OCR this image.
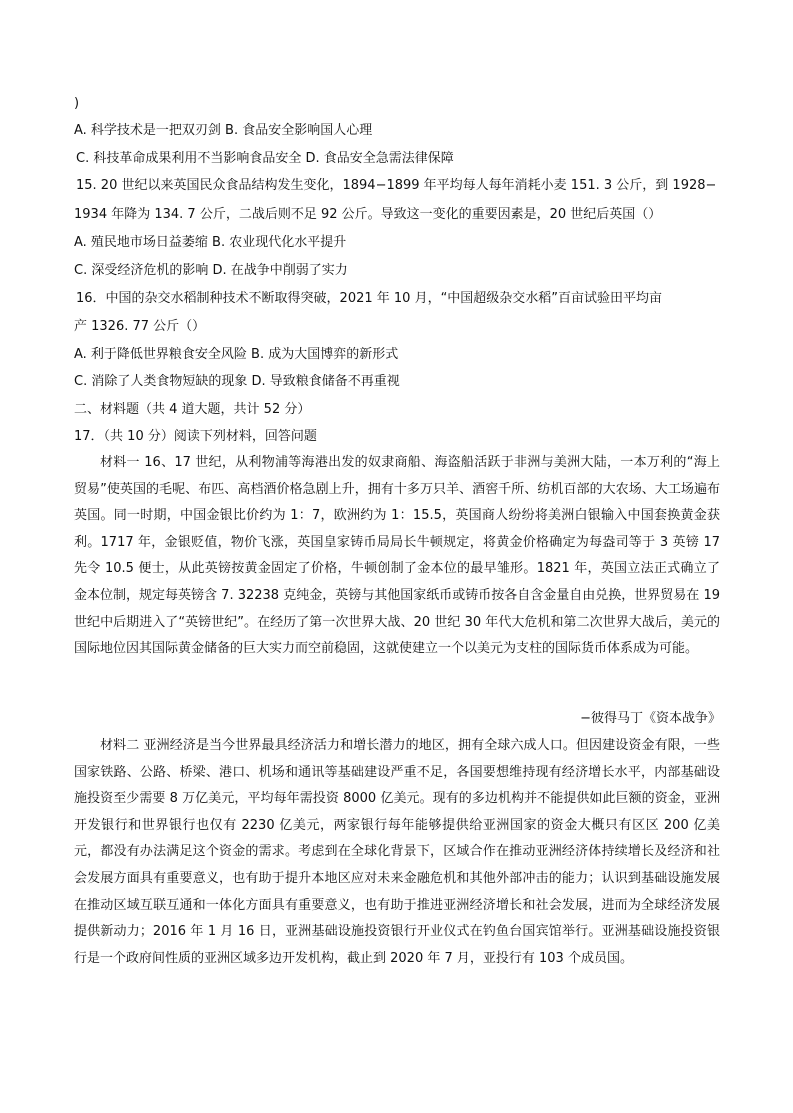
)
A. 科学技术是一把双刃剑 B. 食品安全影响国人心理
C. 科技革命成果利用不当影响食品安全 D. 食品安全急需法律保障
15. 20 世纪以来英国民众食品结构发生变化，1894−1899 年平均每人每年消耗小麦 151. 3 公斤，到 1928−
1934 年降为 134. 7 公斤，二战后则不足 92 公斤。导致这一变化的重要因素是，20 世纪后英国（）
A. 殖民地市场日益萎缩 B. 农业现代化水平提升
C. 深受经济危机的影响 D. 在战争中削弱了实力
16．中国的杂交水稻制种技术不断取得突破，2021 年 10 月，“中国超级杂交水稻”百亩试验田平均亩
产 1326. 77 公斤（）
A. 利于降低世界粮食安全风险 B. 成为大国博弈的新形式
C. 消除了人类食物短缺的现象 D. 导致粮食储备不再重视
二、材料题（共 4 道大题，共计 52 分）
17．（共 10 分）阅读下列材料，回答问题
材料一 16、17 世纪，从利物浦等海港出发的奴隶商船、海盗船活跃于非洲与美洲大陆，一本万利的“海上贸易”使英国的毛呢、布匹、高档酒价格急剧上升，拥有十多万只羊、酒窖千所、纺机百部的大农场、大工场遍布英国。同一时期，中国金银比价约为 1：7，欧洲约为 1：15.5，英国商人纷纷将美洲白银输入中国套换黄金获利。1717 年，金银贬值，物价飞涨，英国皇家铸币局局长牛顿规定，将黄金价格确定为每盎司等于 3 英镑 17 先令 10.5 便士，从此英镑按黄金固定了价格，牛顿创制了金本位的最早雏形。1821 年，英国立法正式确立了金本位制，规定每英镑含 7. 32238 克纯金，英镑与其他国家纸币或铸币按各自含金量自由兑换，世界贸易在 19 世纪中后期进入了“英镑世纪”。在经历了第一次世界大战、20 世纪 30 年代大危机和第二次世界大战后，美元的国际地位因其国际黄金储备的巨大实力而空前稳固，这就使建立一个以美元为支柱的国际货币体系成为可能。
−彼得马丁《资本战争》
材料二 亚洲经济是当今世界最具经济活力和增长潜力的地区，拥有全球六成人口。但因建设资金有限，一些国家铁路、公路、桥梁、港口、机场和通讯等基础建设严重不足，各国要想维持现有经济增长水平，内部基础设施投资至少需要 8 万亿美元，平均每年需投资 8000 亿美元。现有的多边机构并不能提供如此巨额的资金，亚洲开发银行和世界银行也仅有 2230 亿美元，两家银行每年能够提供给亚洲国家的资金大概只有区区 200 亿美元，都没有办法满足这个资金的需求。考虑到在全球化背景下，区域合作在推动亚洲经济体持续增长及经济和社会发展方面具有重要意义，也有助于提升本地区应对未来金融危机和其他外部冲击的能力；认识到基础设施发展在推动区域互联互通和一体化方面具有重要意义，也有助于推进亚洲经济增长和社会发展，进而为全球经济发展提供新动力；2016 年 1 月 16 日，亚洲基础设施投资银行开业仪式在钓鱼台国宾馆举行。亚洲基础设施投资银行是一个政府间性质的亚洲区域多边开发机构，截止到 2020 年 7 月，亚投行有 103 个成员国。
